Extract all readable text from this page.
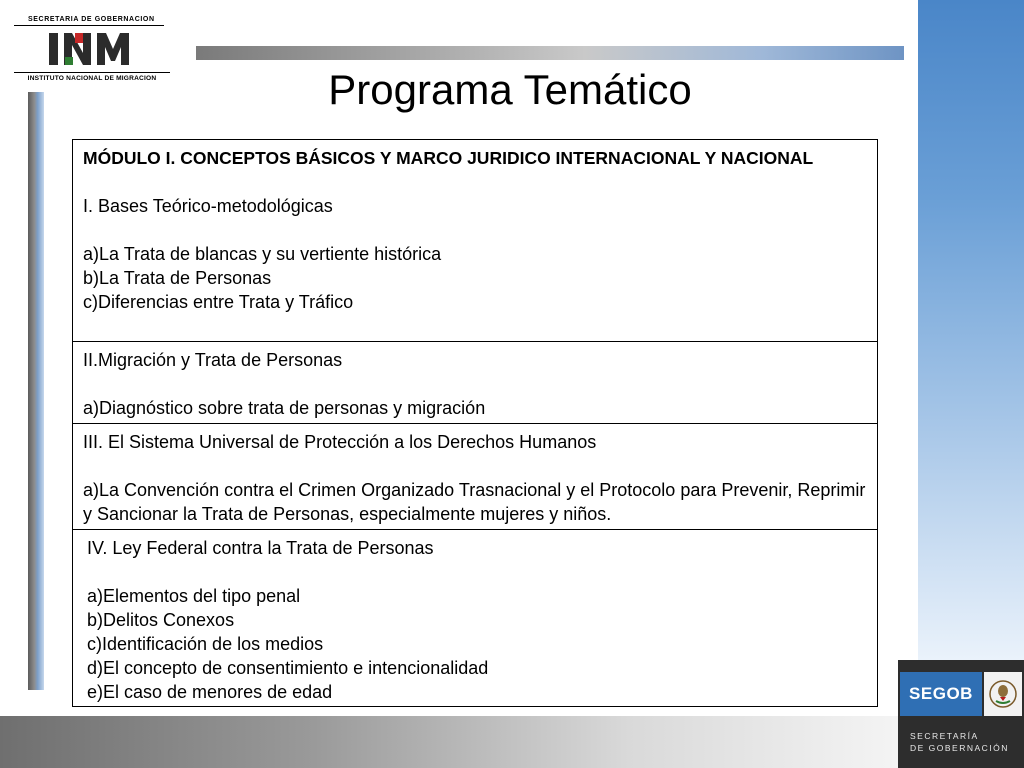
SEGOB
SECRETARÍA
DE GOBERNACIÓN
SECRETARIA DE GOBERNACION
INSTITUTO NACIONAL DE MIGRACION	Programa Temático
MÓDULO I. CONCEPTOS BÁSICOS Y MARCO JURIDICO INTERNACIONAL Y NACIONAL
I. Bases Teórico-metodológicas
a)La Trata de blancas y su vertiente histórica
b)La Trata de Personas
c)Diferencias entre Trata y Tráfico
II.Migración y Trata de Personas
a)Diagnóstico sobre trata de personas y migración
III. El Sistema Universal de Protección a los Derechos Humanos
a)La Convención contra el Crimen Organizado Trasnacional y el Protocolo para Prevenir, Reprimir y Sancionar la Trata de Personas, especialmente mujeres y niños.
IV. Ley Federal contra la Trata de Personas
a)Elementos del tipo penal
b)Delitos Conexos
c)Identificación de los medios
d)El concepto de consentimiento e intencionalidad
e)El caso de menores de edad
